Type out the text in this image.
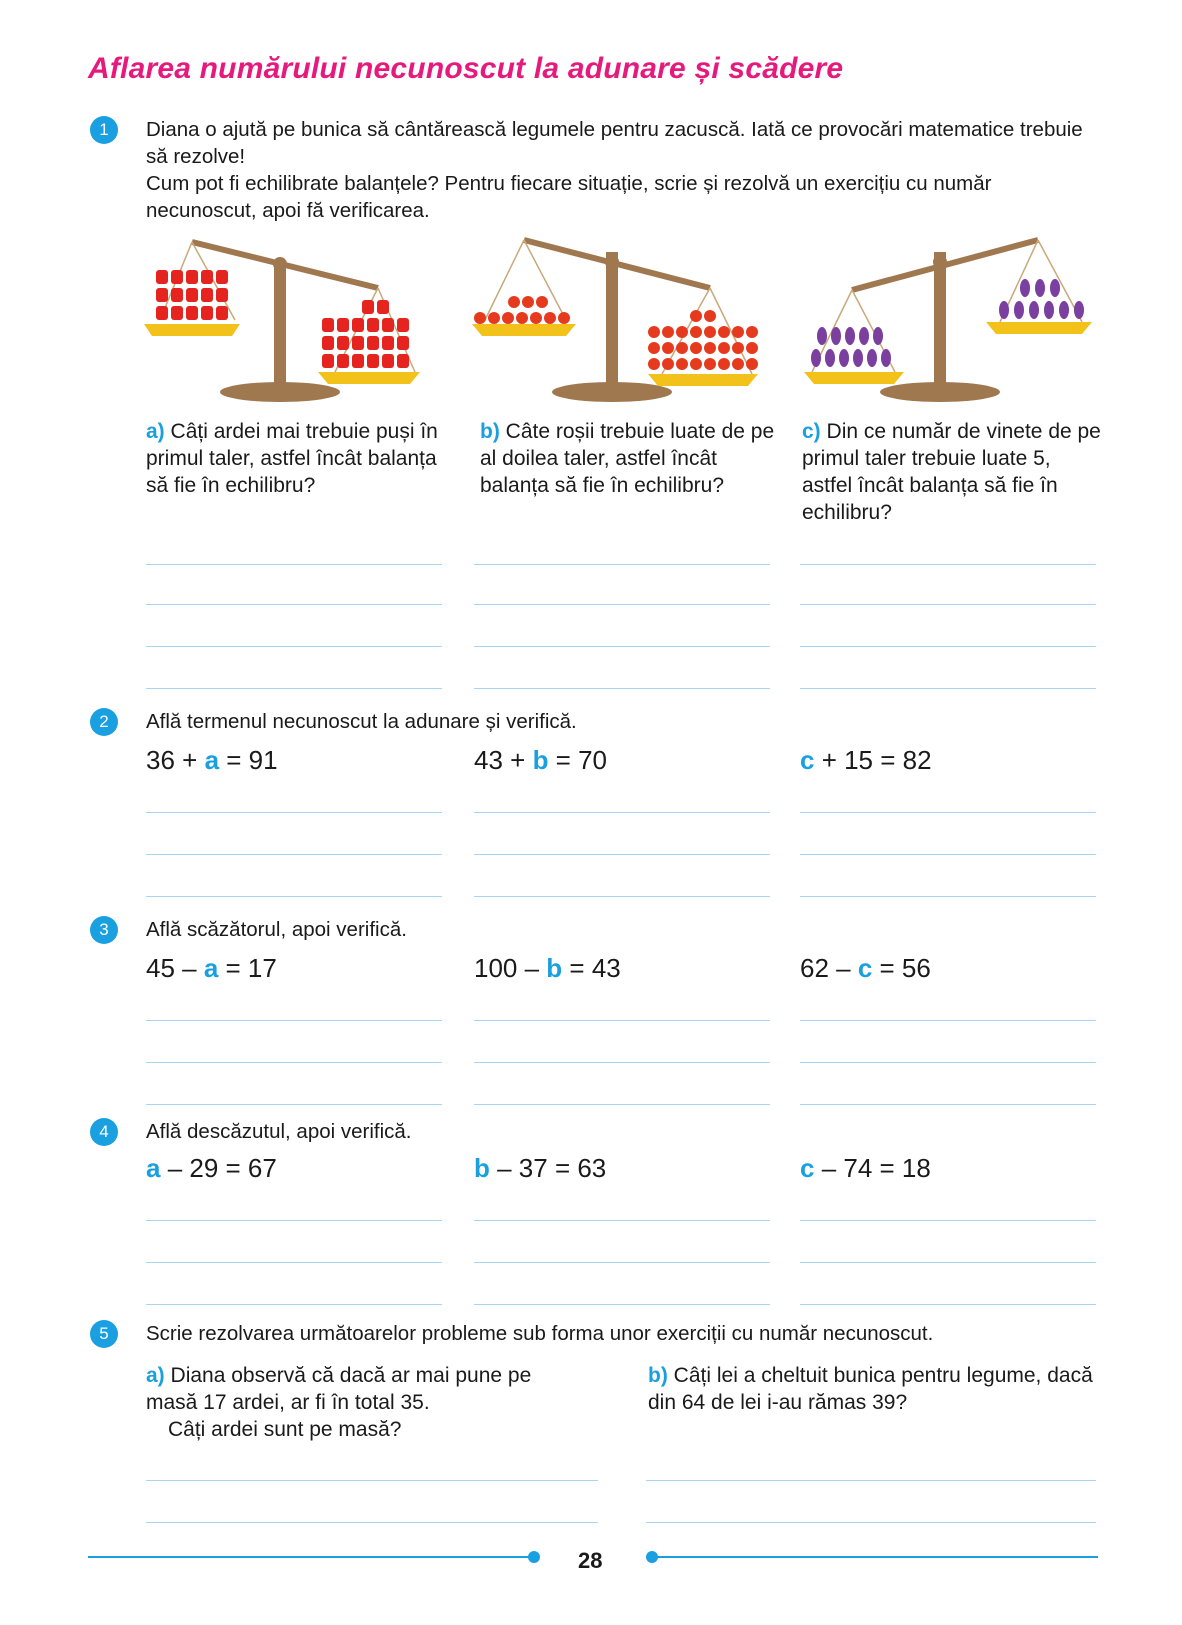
Aflarea numărului necunoscut la adunare și scădere
1	Diana o ajută pe bunica să cântărească legumele pentru zacuscă. Iată ce provocări matematice trebuie să rezolve!
Cum pot fi echilibrate balanțele? Pentru fiecare situație, scrie și rezolvă un exercițiu cu număr necunoscut, apoi fă verificarea.
a) Câți ardei mai trebuie puși în primul taler, astfel încât balanța să fie în echilibru?
b) Câte roșii trebuie luate de pe al doilea taler, astfel încât balanța să fie în echilibru?
c) Din ce număr de vinete de pe primul taler trebuie luate 5, astfel încât balanța să fie în echilibru?
2	Află termenul necunoscut la adunare și verifică.
36 + a = 91	43 + b = 70	c + 15 = 82
3	Află scăzătorul, apoi verifică.
45 – a = 17	100 – b = 43	62 – c = 56
4	Află descăzutul, apoi verifică.
a – 29 = 67	b – 37 = 63	c – 74 = 18
5	Scrie rezolvarea următoarelor probleme sub forma unor exerciții cu număr necunoscut.
a) Diana observă că dacă ar mai pune pe masă 17 ardei, ar fi în total 35.
Câți ardei sunt pe masă?
b) Câți lei a cheltuit bunica pentru legume, dacă din 64 de lei i-au rămas 39?
28
